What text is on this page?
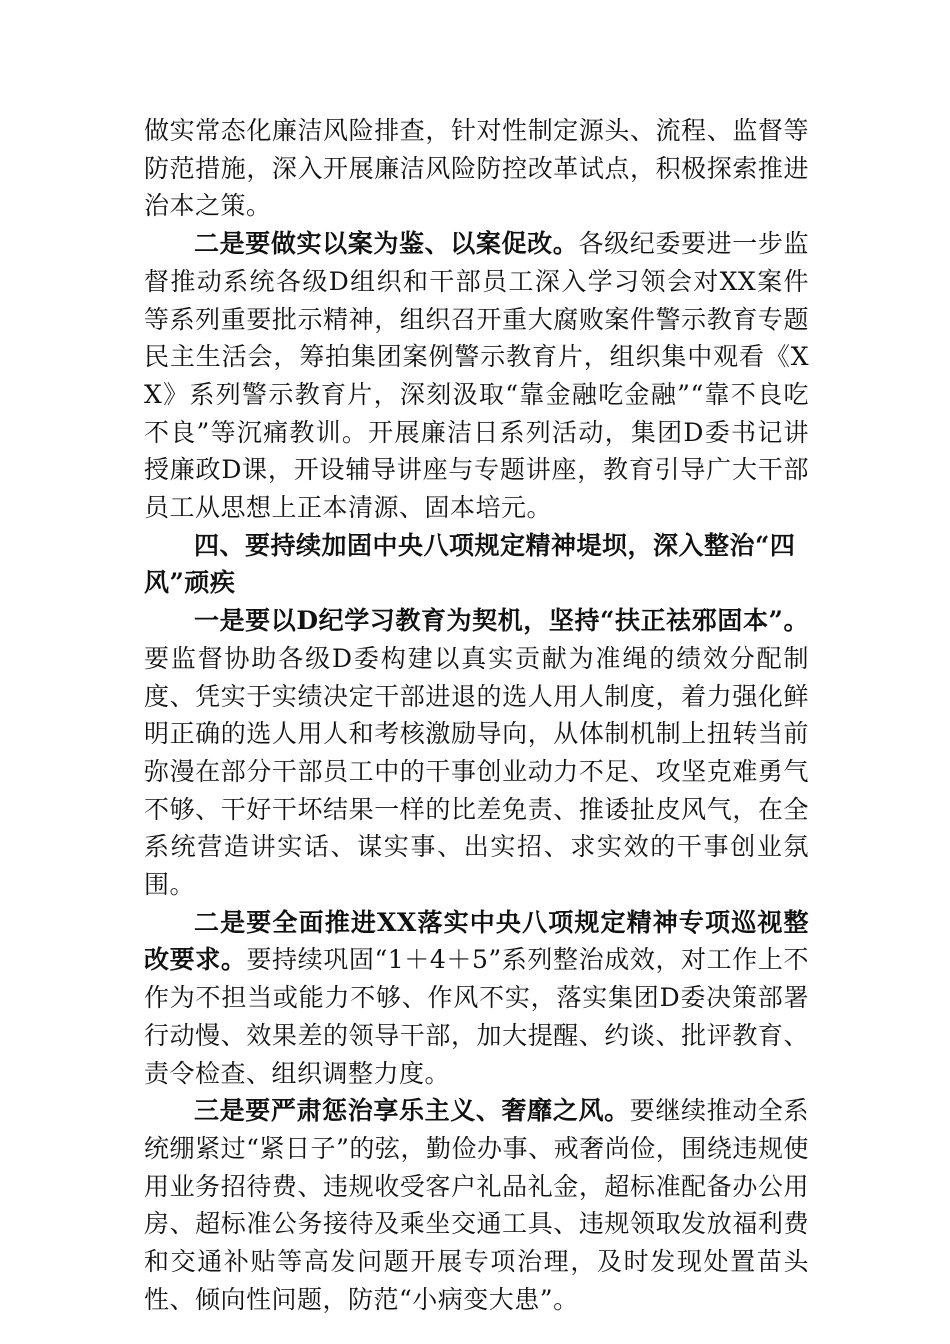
做实常态化廉洁风险排查，针对性制定源头、流程、监督等防范措施，深入开展廉洁风险防控改革试点，积极探索推进治本之策。

二是要做实以案为鉴、以案促改。各级纪委要进一步监督推动系统各级D组织和干部员工深入学习领会对XX案件等系列重要批示精神，组织召开重大腐败案件警示教育专题民主生活会，筹拍集团案例警示教育片，组织集中观看《XX》系列警示教育片，深刻汲取“靠金融吃金融”“靠不良吃不良”等沉痛教训。开展廉洁日系列活动，集团D委书记讲授廉政D课，开设辅导讲座与专题讲座，教育引导广大干部员工从思想上正本清源、固本培元。

四、要持续加固中央八项规定精神堤坝，深入整治“四风”顽疾

一是要以D纪学习教育为契机，坚持“扶正祛邪固本”。要监督协助各级D委构建以真实贡献为准绳的绩效分配制度、凭实于实绩决定干部进退的选人用人制度，着力强化鲜明正确的选人用人和考核激励导向，从体制机制上扭转当前弥漫在部分干部员工中的干事创业动力不足、攻坚克难勇气不够、干好干坏结果一样的比差免责、推诿扯皮风气，在全系统营造讲实话、谋实事、出实招、求实效的干事创业氛围。

二是要全面推进XX落实中央八项规定精神专项巡视整改要求。要持续巩固“1＋4＋5”系列整治成效，对工作上不作为不担当或能力不够、作风不实，落实集团D委决策部署行动慢、效果差的领导干部，加大提醒、约谈、批评教育、责令检查、组织调整力度。

三是要严肃惩治享乐主义、奢靡之风。要继续推动全系统绷紧过“紧日子”的弦，勤俭办事、戒奢尚俭，围绕违规使用业务招待费、违规收受客户礼品礼金，超标准配备办公用房、超标准公务接待及乘坐交通工具、违规领取发放福利费和交通补贴等高发问题开展专项治理，及时发现处置苗头性、倾向性问题，防范“小病变大患”。
